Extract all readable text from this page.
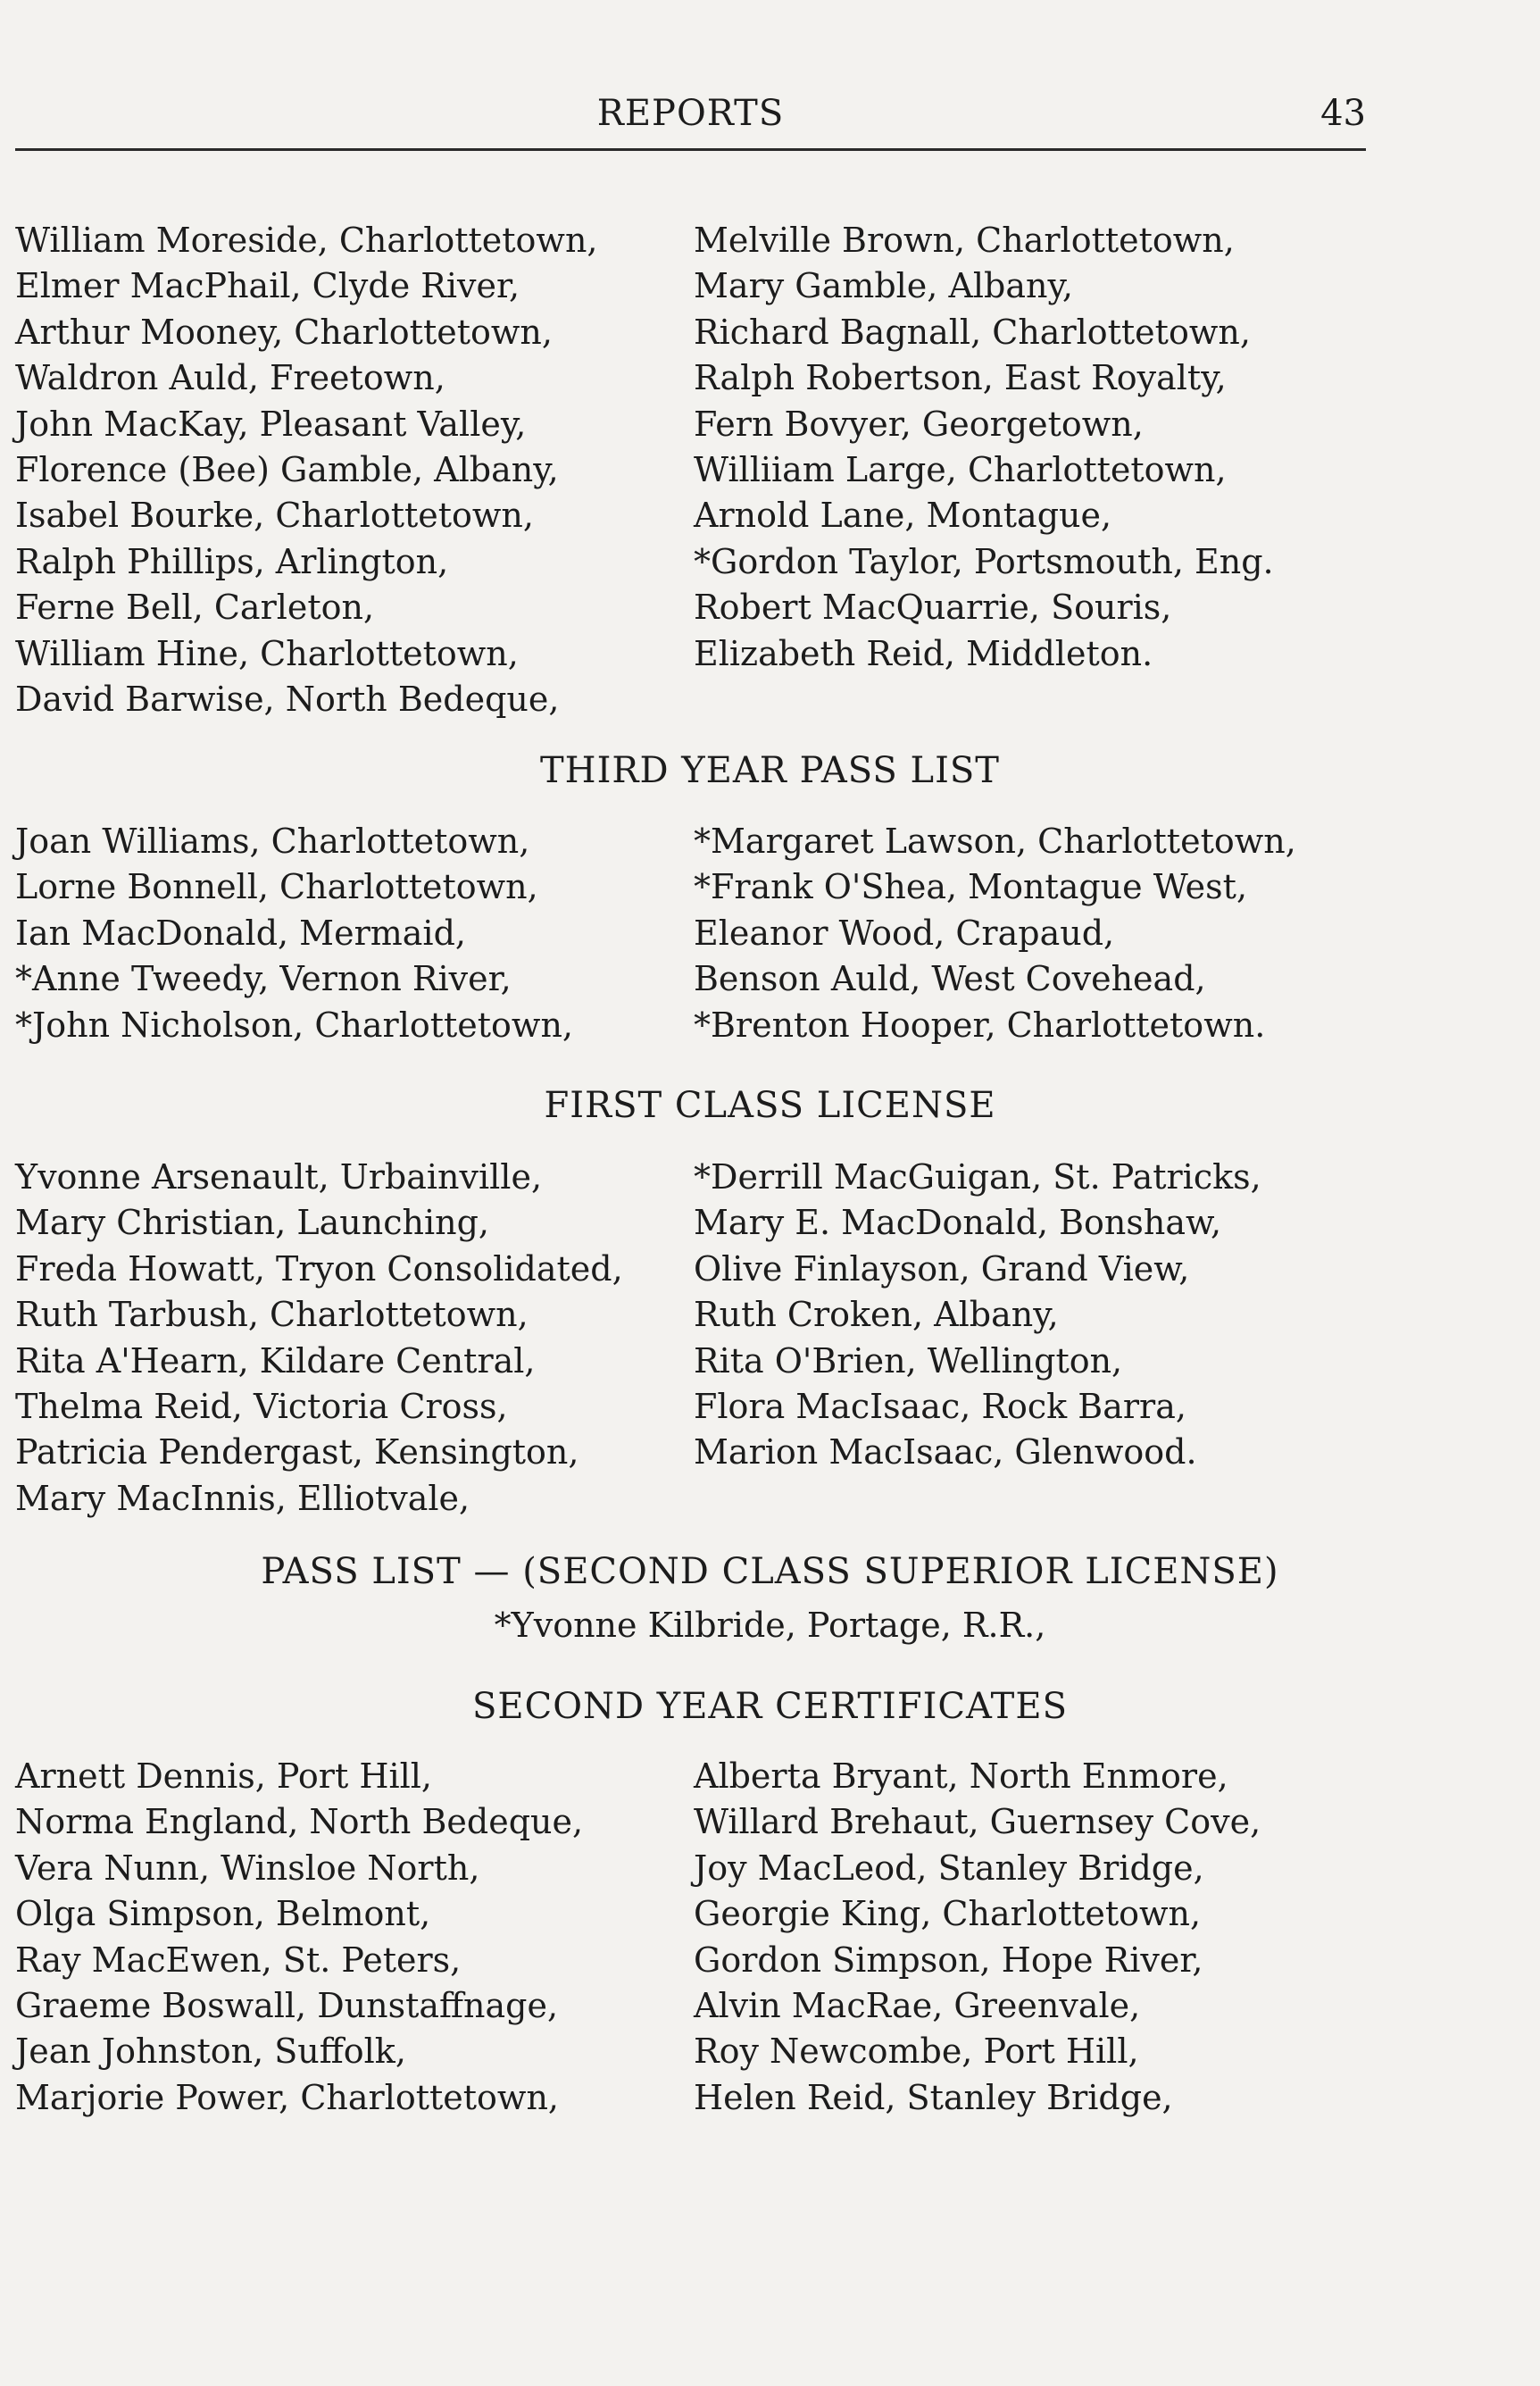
REPORTS	43
William Moreside, Charlottetown,
Elmer MacPhail, Clyde River,
Arthur Mooney, Charlottetown,
Waldron Auld, Freetown,
John MacKay, Pleasant Valley,
Florence (Bee) Gamble, Albany,
Isabel Bourke, Charlottetown,
Ralph Phillips, Arlington,
Ferne Bell, Carleton,
William Hine, Charlottetown,
David Barwise, North Bedeque,
Melville Brown, Charlottetown,
Mary Gamble, Albany,
Richard Bagnall, Charlottetown,
Ralph Robertson, East Royalty,
Fern Bovyer, Georgetown,
Williiam Large, Charlottetown,
Arnold Lane, Montague,
*Gordon Taylor, Portsmouth, Eng.
Robert MacQuarrie, Souris,
Elizabeth Reid, Middleton.
THIRD YEAR PASS LIST
Joan Williams, Charlottetown,
Lorne Bonnell, Charlottetown,
Ian MacDonald, Mermaid,
*Anne Tweedy, Vernon River,
*John Nicholson, Charlottetown,
*Margaret Lawson, Charlottetown,
*Frank O'Shea, Montague West,
Eleanor Wood, Crapaud,
Benson Auld, West Covehead,
*Brenton Hooper, Charlottetown.
FIRST CLASS LICENSE
Yvonne Arsenault, Urbainville,
Mary Christian, Launching,
Freda Howatt, Tryon Consolidated,
Ruth Tarbush, Charlottetown,
Rita A'Hearn, Kildare Central,
Thelma Reid, Victoria Cross,
Patricia Pendergast, Kensington,
Mary MacInnis, Elliotvale,
*Derrill MacGuigan, St. Patricks,
Mary E. MacDonald, Bonshaw,
Olive Finlayson, Grand View,
Ruth Croken, Albany,
Rita O'Brien, Wellington,
Flora MacIsaac, Rock Barra,
Marion MacIsaac, Glenwood.
PASS LIST — (SECOND CLASS SUPERIOR LICENSE)
*Yvonne Kilbride, Portage, R.R.,
SECOND YEAR CERTIFICATES
Arnett Dennis, Port Hill,
Norma England, North Bedeque,
Vera Nunn, Winsloe North,
Olga Simpson, Belmont,
Ray MacEwen, St. Peters,
Graeme Boswall, Dunstaffnage,
Jean Johnston, Suffolk,
Marjorie Power, Charlottetown,
Alberta Bryant, North Enmore,
Willard Brehaut, Guernsey Cove,
Joy MacLeod, Stanley Bridge,
Georgie King, Charlottetown,
Gordon Simpson, Hope River,
Alvin MacRae, Greenvale,
Roy Newcombe, Port Hill,
Helen Reid, Stanley Bridge,
